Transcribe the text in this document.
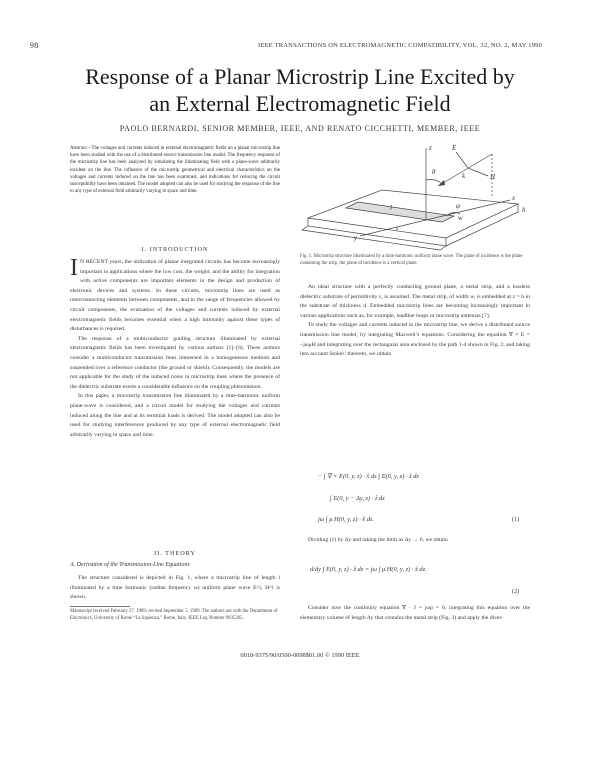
98	IEEE TRANSACTIONS ON ELECTROMAGNETIC COMPATIBILITY, VOL. 32, NO. 2, MAY 1990
Response of a Planar Microstrip Line Excited by
an External Electromagnetic Field
PAOLO BERNARDI, SENIOR MEMBER, IEEE, AND RENATO CICCHETTI, MEMBER, IEEE
Abstract—The voltages and currents induced in external electromagnetic fields on a planar microstrip line have been studied with the use of a distributed-source transmission line model. The frequency response of the microstrip line has been analyzed by simulating the illuminating field with a plane-wave arbitrarily incident on the line. The influence of the microstrip geometrical and electrical characteristics on the voltages and currents induced on the line has been examined, and indications for reducing the circuit susceptibility have been obtained. The model adopted can also be used for studying the response of the line to any type of external field arbitrarily varying in space and time.
I. INTRODUCTION

I N RECENT years, the utilization of planar integrated circuits has become increasingly important in applications where the low cost, the weight, and the ability for integration with active components are important elements in the design and production of electronic devices and systems. In these circuits, microstrip lines are used as interconnecting elements between components, and in the range of frequencies allowed by circuit components, the evaluation of the voltages and currents induced by external electromagnetic fields becomes essential when a high immunity against these types of disturbances is required.

The response of a multiconductor guiding structure illuminated by external electromagnetic fields has been investigated by various authors [1]–[6]. These authors consider a multiconductor transmission lines immersed in a homogeneous medium and suspended over a reference conductor (the ground or shield). Consequently, the models are not applicable for the study of the induced noise in microstrip lines where the presence of the dielectric substrate exerts a considerable influence on the coupling phenomenon.

In this paper, a microstrip transmission line illuminated by a time-harmonic uniform plane-wave is considered, and a circuit model for studying the voltages and currents induced along the line and at its terminal loads is derived. The model adopted can also be used for studying interferences produced by any type of external electromagnetic field arbitrarily varying in space and time.

II. THEORY
A. Derivation of the Transmission-Line Equations
The structure considered is depicted in Fig. 1, where a microstrip line of length l illuminated by a time harmonic (radian frequency ω) uniform plane wave E^i, H^i is shown.
Manuscript received February 27, 1989; revised September 5, 1989. The authors are with the Department of Electronics, University of Rome “La Sapienza,” Rome, Italy. IEEE Log Number 9035395.
x
k
z
y
E
H
l
w
h
ε
θ
φ
Fig. 1. Microstrip structure illuminated by a time-harmonic uniform plane wave. The plane of incidence is the plane containing the strip, the plane of incidence is a vertical plane.

An ideal structure with a perfectly conducting ground plane, a metal strip, and a lossless dielectric substrate of permittivity ε, is assumed. The metal strip, of width w, is embedded at z = h in the substrate of thickness d. Embedded microstrip lines are becoming increasingly important in various applications such as, for example, leadline loops or microstrip antennas [7].

To study the voltages and currents induced in the microstrip line, we derive a distributed source transmission line model, by integrating Maxwell’s equations. Considering the equation ∇ × E = −jωμH and integrating over the rectangular area enclosed by the path 1-4 shown in Fig. 2, and taking into account Stokes’ theorem, we obtain

− ∫ ∇ × E(0, y, z) · x̂ ds ∫ E(0, y, z) · ẑ dz
∫ E(0, y − Δy, z) · ẑ dz
jω ∫ μ H(0, y, z) · x̂ ds.	(1)
Dividing (1) by Δy and taking the limit as Δy → 0, we obtain
d/dy ∫ E(0, y, z) · ẑ dz = jω ∫ μ H(0, y, z) · x̂ dz.
(2)
Consider now the continuity equation ∇ · J + jωρ = 0, integrating this equation over the elementary volume of length Δy that contains the metal strip (Fig. 3) and apply the diver-
0018-9375/90/0500-0098$01.00 © 1990 IEEE
